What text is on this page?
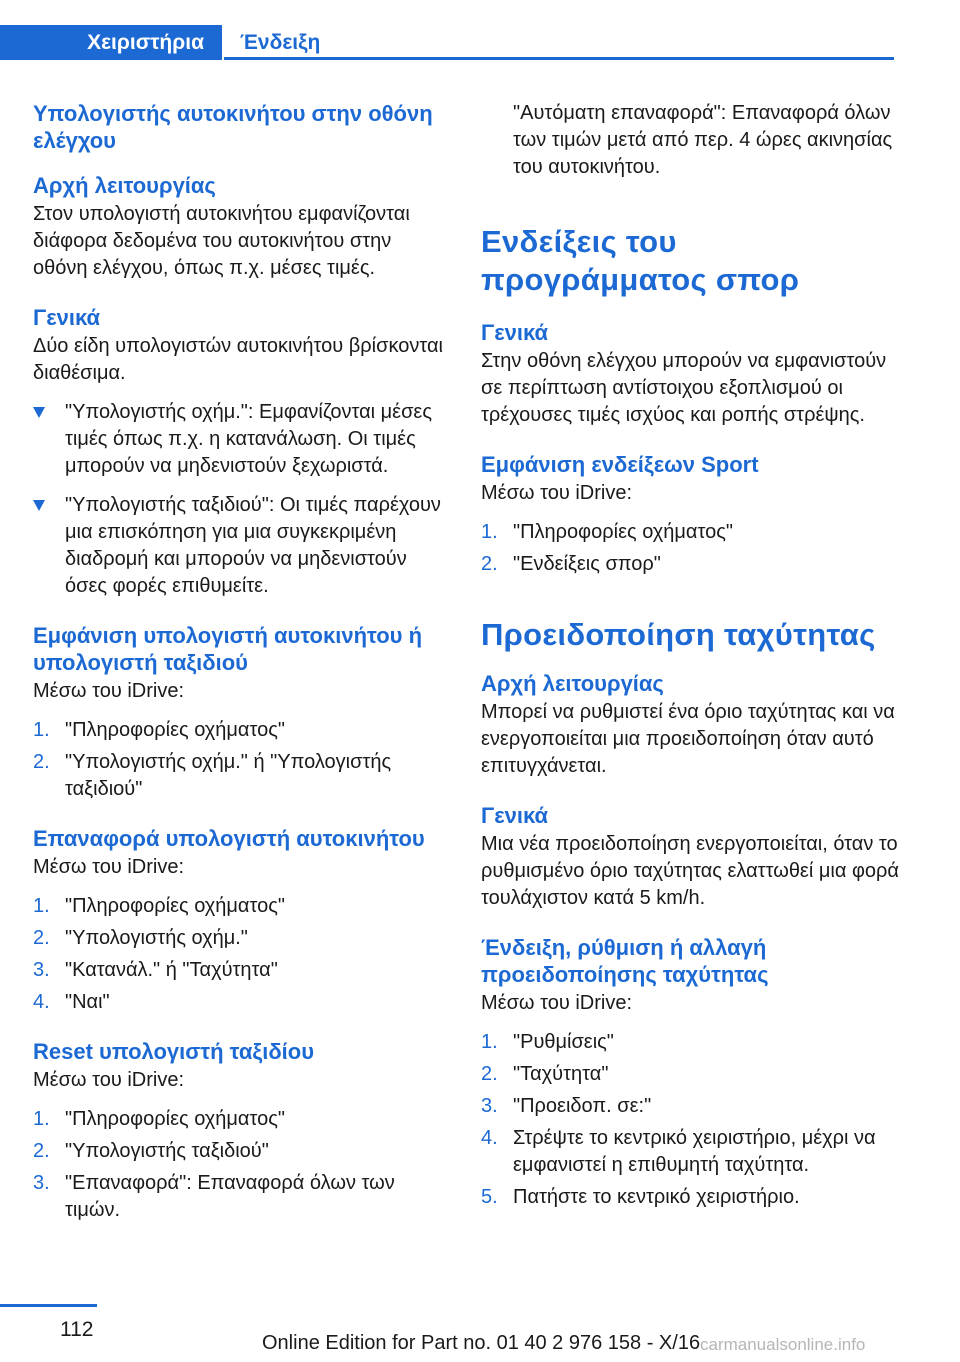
Χειριστήρια Ένδειξη
Υπολογιστής αυτοκινήτου στην οθόνη ελέγχου
Αρχή λειτουργίας
Στον υπολογιστή αυτοκινήτου εμφανίζονται διάφορα δεδομένα του αυτοκινήτου στην οθόνη ελέγχου, όπως π.χ. μέσες τιμές.
Γενικά
Δύο είδη υπολογιστών αυτοκινήτου βρίσκονται διαθέσιμα.
"Υπολογιστής οχήμ.": Εμφανίζονται μέσες τιμές όπως π.χ. η κατανάλωση. Οι τιμές μπορούν να μηδενιστούν ξεχωριστά.
"Υπολογιστής ταξιδιού": Οι τιμές παρέχουν μια επισκόπηση για μια συγκεκριμένη διαδρομή και μπορούν να μηδενιστούν όσες φορές επιθυμείτε.
Εμφάνιση υπολογιστή αυτοκινήτου ή υπολογιστή ταξιδιού
Μέσω του iDrive:
1. "Πληροφορίες οχήματος"
2. "Υπολογιστής οχήμ." ή "Υπολογιστής ταξιδιού"
Επαναφορά υπολογιστή αυτοκινήτου
Μέσω του iDrive:
1. "Πληροφορίες οχήματος"
2. "Υπολογιστής οχήμ."
3. "Κατανάλ." ή "Ταχύτητα"
4. "Ναι"
Reset υπολογιστή ταξιδίου
Μέσω του iDrive:
1. "Πληροφορίες οχήματος"
2. "Υπολογιστής ταξιδιού"
3. "Επαναφορά": Επαναφορά όλων των τιμών.
"Αυτόματη επαναφορά": Επαναφορά όλων των τιμών μετά από περ. 4 ώρες ακινησίας του αυτοκινήτου.
Ενδείξεις του προγράμματος σπορ
Γενικά
Στην οθόνη ελέγχου μπορούν να εμφανιστούν σε περίπτωση αντίστοιχου εξοπλισμού οι τρέχουσες τιμές ισχύος και ροπής στρέψης.
Εμφάνιση ενδείξεων Sport
Μέσω του iDrive:
1. "Πληροφορίες οχήματος"
2. "Ενδείξεις σπορ"
Προειδοποίηση ταχύτητας
Αρχή λειτουργίας
Μπορεί να ρυθμιστεί ένα όριο ταχύτητας και να ενεργοποιείται μια προειδοποίηση όταν αυτό επιτυγχάνεται.
Γενικά
Μια νέα προειδοποίηση ενεργοποιείται, όταν το ρυθμισμένο όριο ταχύτητας ελαττωθεί μια φορά τουλάχιστον κατά 5 km/h.
Ένδειξη, ρύθμιση ή αλλαγή προειδοποίησης ταχύτητας
Μέσω του iDrive:
1. "Ρυθμίσεις"
2. "Ταχύτητα"
3. "Προειδοπ. σε:"
4. Στρέψτε το κεντρικό χειριστήριο, μέχρι να εμφανιστεί η επιθυμητή ταχύτητα.
5. Πατήστε το κεντρικό χειριστήριο.
112
Online Edition for Part no. 01 40 2 976 158 - X/16 carmanualsonline.info
